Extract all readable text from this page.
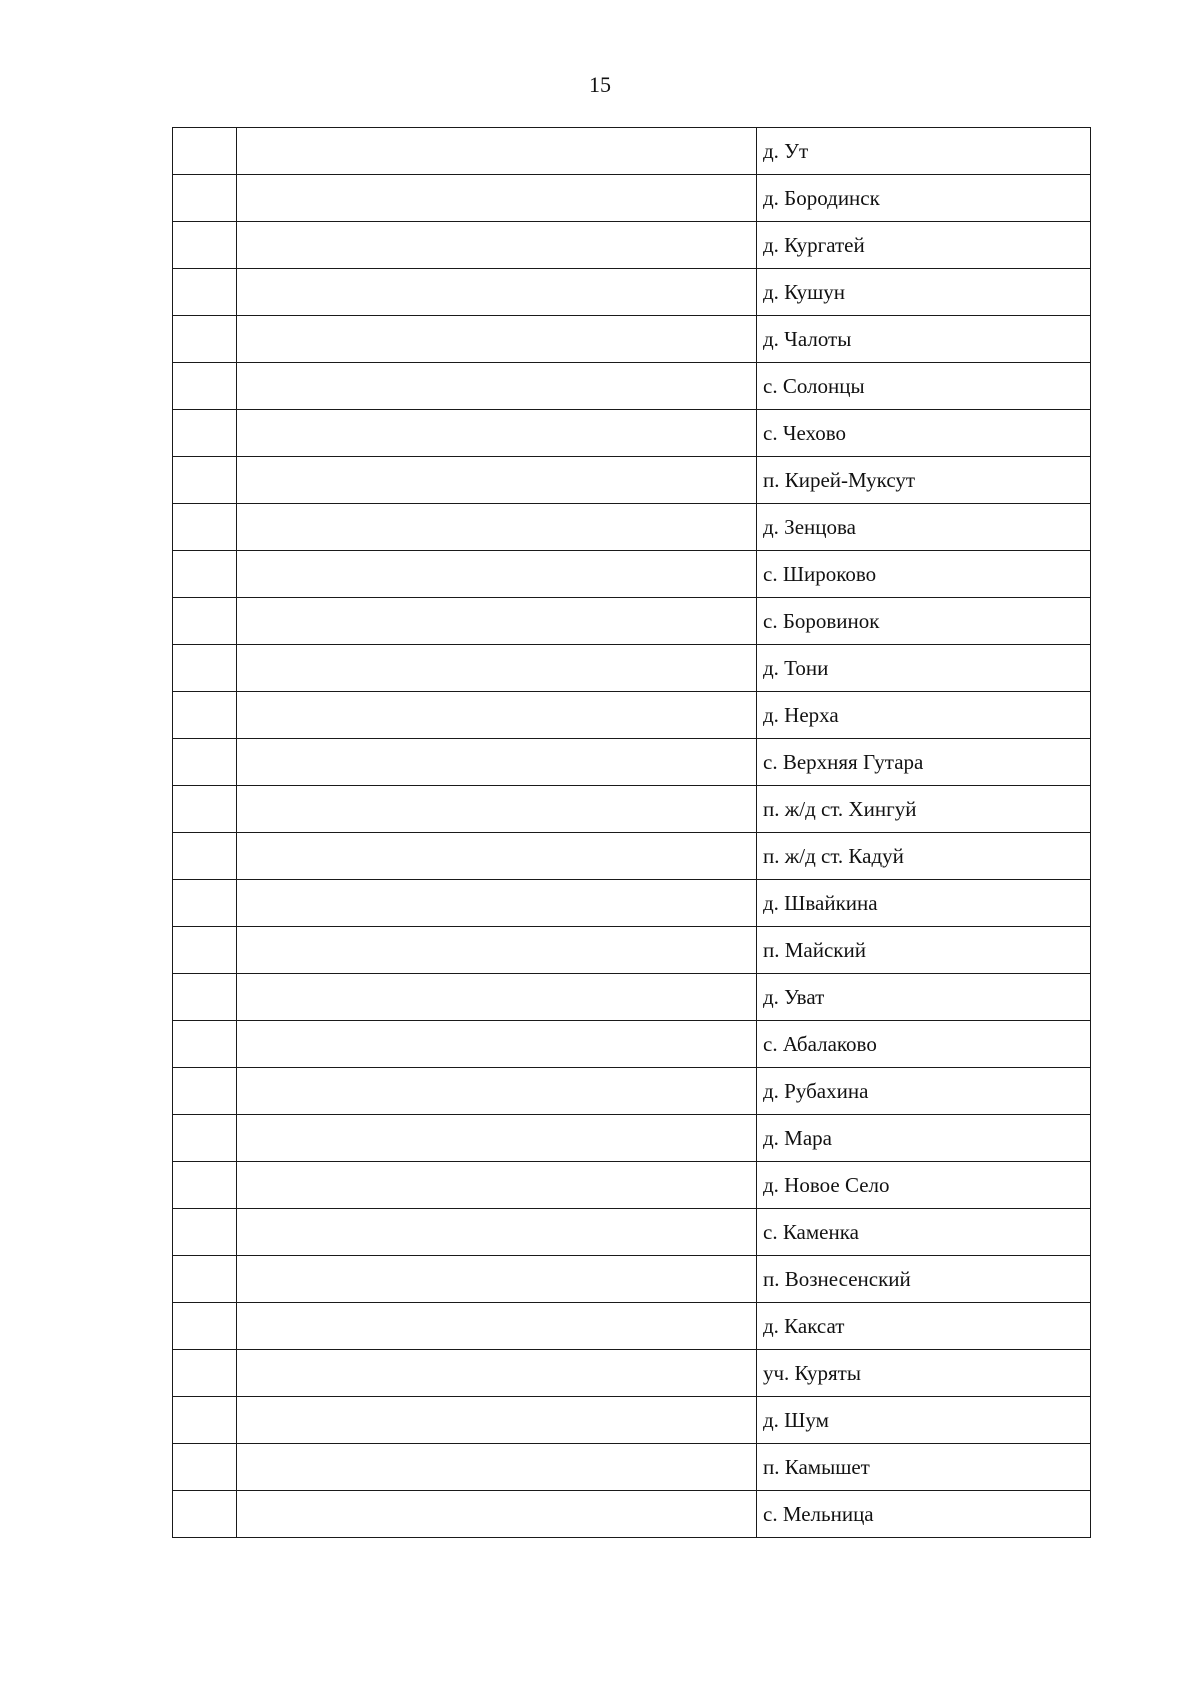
15
		д. Ут
		д. Бородинск
		д. Кургатей
		д. Кушун
		д. Чалоты
		с. Солонцы
		с. Чехово
		п. Кирей-Муксут
		д. Зенцова
		с. Широково
		с. Боровинок
		д. Тони
		д. Нерха
		с. Верхняя Гутара
		п. ж/д ст. Хингуй
		п. ж/д ст. Кадуй
		д. Швайкина
		п. Майский
		д. Уват
		с. Абалаково
		д. Рубахина
		д. Мара
		д. Новое Село
		с. Каменка
		п. Вознесенский
		д. Каксат
		уч. Куряты
		д. Шум
		п. Камышет
		с. Мельница
